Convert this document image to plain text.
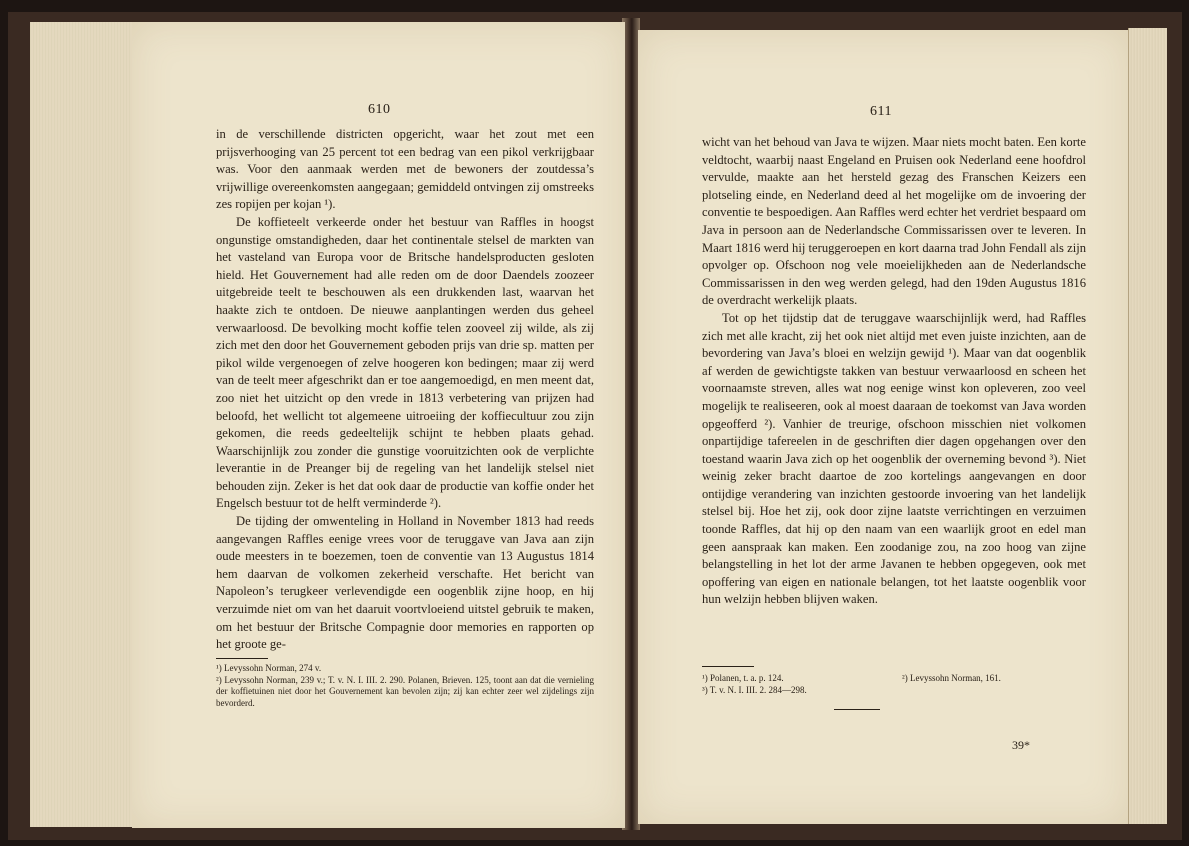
610

in de verschillende districten opgericht, waar het zout met een prijsverhooging van 25 percent tot een bedrag van een pikol verkrijgbaar was. Voor den aanmaak werden met de bewoners der zoutdessa’s vrijwillige overeenkomsten aangegaan; gemiddeld ontvingen zij omstreeks zes ropijen per kojan ¹).

De koffieteelt verkeerde onder het bestuur van Raffles in hoogst ongunstige omstandigheden, daar het continentale stelsel de markten van het vasteland van Europa voor de Britsche handelsproducten gesloten hield. Het Gouvernement had alle reden om de door Daendels zoozeer uitgebreide teelt te beschouwen als een drukkenden last, waarvan het haakte zich te ontdoen. De nieuwe aanplantingen werden dus geheel verwaarloosd. De bevolking mocht koffie telen zooveel zij wilde, als zij zich met den door het Gouvernement geboden prijs van drie sp. matten per pikol wilde vergenoegen of zelve hoogeren kon bedingen; maar zij werd van de teelt meer afgeschrikt dan er toe aangemoedigd, en men meent dat, zoo niet het uitzicht op den vrede in 1813 verbetering van prijzen had beloofd, het wellicht tot algemeene uitroeiing der koffiecultuur zou zijn gekomen, die reeds gedeeltelijk schijnt te hebben plaats gehad. Waarschijnlijk zou zonder die gunstige vooruitzichten ook de verplichte leverantie in de Preanger bij de regeling van het landelijk stelsel niet behouden zijn. Zeker is het dat ook daar de productie van koffie onder het Engelsch bestuur tot de helft verminderde ²).

De tijding der omwenteling in Holland in November 1813 had reeds aangevangen Raffles eenige vrees voor de teruggave van Java aan zijn oude meesters in te boezemen, toen de conventie van 13 Augustus 1814 hem daarvan de volkomen zekerheid verschafte. Het bericht van Napoleon’s terugkeer verlevendigde een oogenblik zijne hoop, en hij verzuimde niet om van het daaruit voortvloeiend uitstel gebruik te maken, om het bestuur der Britsche Compagnie door memories en rapporten op het groote ge-

¹) Levyssohn Norman, 274 v.
²) Levyssohn Norman, 239 v.; T. v. N. I. III. 2. 290. Polanen, Brieven. 125, toont aan dat die vernieling der koffietuinen niet door het Gouvernement kan bevolen zijn; zij kan echter zeer wel zijdelings zijn bevorderd.
611

wicht van het behoud van Java te wijzen. Maar niets mocht baten. Een korte veldtocht, waarbij naast Engeland en Pruisen ook Nederland eene hoofdrol vervulde, maakte aan het hersteld gezag des Franschen Keizers een plotseling einde, en Nederland deed al het mogelijke om de invoering der conventie te bespoedigen. Aan Raffles werd echter het verdriet bespaard om Java in persoon aan de Nederlandsche Commissarissen over te leveren. In Maart 1816 werd hij teruggeroepen en kort daarna trad John Fendall als zijn opvolger op. Ofschoon nog vele moeielijkheden aan de Nederlandsche Commissarissen in den weg werden gelegd, had den 19den Augustus 1816 de overdracht werkelijk plaats.

Tot op het tijdstip dat de teruggave waarschijnlijk werd, had Raffles zich met alle kracht, zij het ook niet altijd met even juiste inzichten, aan de bevordering van Java’s bloei en welzijn gewijd ¹). Maar van dat oogenblik af werden de gewichtigste takken van bestuur verwaarloosd en scheen het voornaamste streven, alles wat nog eenige winst kon opleveren, zoo veel mogelijk te realiseeren, ook al moest daaraan de toekomst van Java worden opgeofferd ²). Vanhier de treurige, ofschoon misschien niet volkomen onpartijdige tafereelen in de geschriften dier dagen opgehangen over den toestand waarin Java zich op het oogenblik der overneming bevond ³). Niet weinig zeker bracht daartoe de zoo kortelings aangevangen en door ontijdige verandering van inzichten gestoorde invoering van het landelijk stelsel bij. Hoe het zij, ook door zijne laatste verrichtingen en verzuimen toonde Raffles, dat hij op den naam van een waarlijk groot en edel man geen aanspraak kan maken. Een zoodanige zou, na zoo hoog van zijne belangstelling in het lot der arme Javanen te hebben opgegeven, ook met opoffering van eigen en nationale belangen, tot het laatste oogenblik voor hun welzijn hebben blijven waken.

¹) Polanen, t. a. p. 124.	²) Levyssohn Norman, 161.
³) T. v. N. I. III. 2. 284—298.
39*
